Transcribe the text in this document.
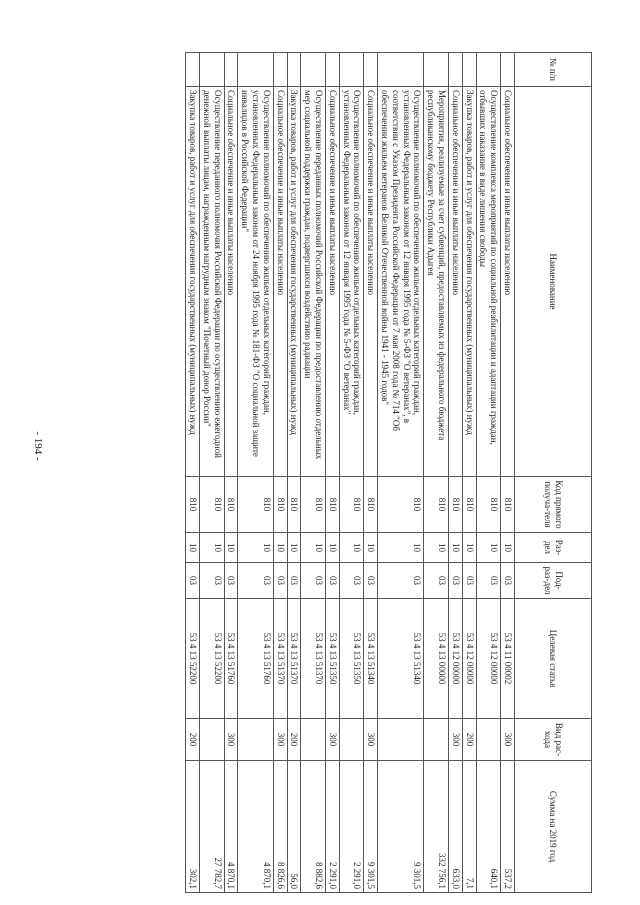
- 194 -
№ п/п	Наименование	Код прямого получа-теля	Раз-дел	Под-раз-дел	Целевая статья	Вид рас-хода	Сумма на 2019 год
	Социальное обеспечение и иные выплаты населению	810	10	03	53 4 11 00002	300	537,2
	Осуществление комплекса мероприятий по социальной реабилитации и адаптации граждан, отбывших наказание в виде лишения свободы	810	10	03	53 4 12 00000		640,1
	Закупка товаров, работ и услуг для обеспечения государственных (муниципальных) нужд	810	10	03	53 4 12 00000	200	7,1
	Социальное обеспечение и иные выплаты населению	810	10	03	53 4 12 00000	300	633,0
	Мероприятия, реализуемые за счет субвенций, предоставляемых из федерального бюджета республиканскому бюджету Республики Адыгея	810	10	03	53 4 13 00000		332 756,1
	Осуществление полномочий по обеспечению жильем отдельных категорий граждан, установленных Федеральным законом от 12 января 1995 года № 5-ФЗ "О ветеранах", в соответствии с Указом Президента Российской Федерации от 7 мая 2008 года № 714 "Об обеспечении жильем ветеранов Великой Отечественной войны 1941 - 1945 годов"	810	10	03	53 4 13 51340		9 301,5
	Социальное обеспечение и иные выплаты населению	810	10	03	53 4 13 51340	300	9 301,5
	Осуществление полномочий по обеспечению жильем отдельных категорий граждан, установленных Федеральным законом от 12 января 1995 года № 5-ФЗ "О ветеранах"	810	10	03	53 4 13 51350		2 291,0
	Социальное обеспечение и иные выплаты населению	810	10	03	53 4 13 51350	300	2 291,0
	Осуществление переданных полномочий Российской Федерации по предоставлению отдельных мер социальной поддержки граждан, подвергшихся воздействию радиации	810	10	03	53 4 13 51370		8 882,6
	Закупка товаров, работ и услуг для обеспечения государственных (муниципальных) нужд	810	10	03	53 4 13 51370	200	56,0
	Социальное обеспечение и иные выплаты населению	810	10	03	53 4 13 51370	300	8 826,6
	Осуществление полномочий по обеспечению жильем отдельных категорий граждан, установленных Федеральным законом от 24 ноября 1995 года № 181-ФЗ "О социальной защите инвалидов в Российской Федерации"	810	10	03	53 4 13 51760		4 870,1
	Социальное обеспечение и иные выплаты населению	810	10	03	53 4 13 51760	300	4 870,1
	Осуществление переданного полномочия Российской Федерации по осуществлению ежегодной денежной выплаты лицам, награжденным нагрудным знаком "Почетный донор России"	810	10	03	53 4 13 52200		27 782,7
	Закупка товаров, работ и услуг для обеспечения государственных (муниципальных) нужд	810	10	03	53 4 13 52200	200	302,1
